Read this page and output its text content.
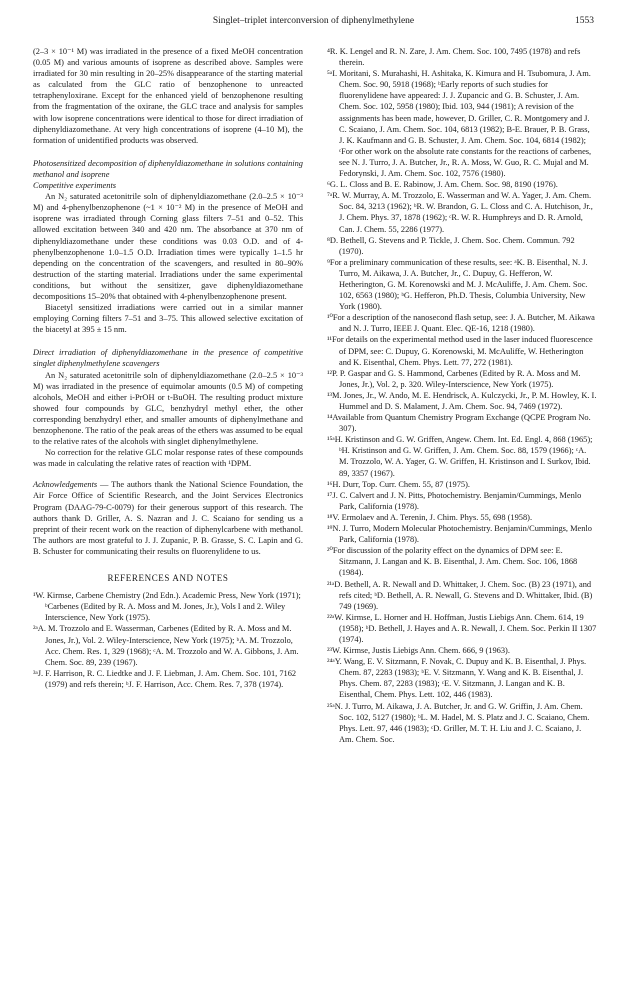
Singlet–triplet interconversion of diphenylmethylene	1553

(2–3 × 10⁻¹ M) was irradiated in the presence of a fixed MeOH concentration (0.05 M) and various amounts of isoprene as described above. Samples were irradiated for 30 min resulting in 20–25% disappearance of the starting material as calculated from the GLC ratio of benzophenone to unreacted tetraphenyloxirane. Except for the enhanced yield of benzophenone resulting from the fragmentation of the oxirane, the GLC trace and analysis for samples with low isoprene concentrations were identical to those for direct irradiation of diphenyldiazomethane. At very high concentrations of isoprene (4–10 M), the formation of unidentified products was observed.

Photosensitized decomposition of diphenyldiazomethane in solutions containing methanol and isoprene

Competitive experiments

An N₂ saturated acetonitrile soln of diphenyldiazomethane (2.0–2.5 × 10⁻³ M) and 4-phenylbenzophenone (~1 × 10⁻² M) in the presence of MeOH and isoprene was irradiated through Corning glass filters 7–51 and 0–52. This allowed excitation between 340 and 420 nm. The absorbance at 370 nm of diphenyldiazomethane under these conditions was 0.03 O.D. and of 4-phenylbenzophenone 1.0–1.5 O.D. Irradiation times were typically 1–1.5 hr depending on the concentration of the scavengers, and resulted in 80–90% destruction of the starting material. Irradiations under the same experimental conditions, but without the sensitizer, gave diphenyldiazomethane decompositions 15–20% that obtained with 4-phenylbenzophenone present.

Biacetyl sensitized irradiations were carried out in a similar manner employing Corning filters 7–51 and 3–75. This allowed selective excitation of the biacetyl at 395 ± 15 nm.

Direct irradiation of diphenyldiazomethane in the presence of competitive singlet diphenylmethylene scavengers

An N₂ saturated acetonitrile soln of diphenyldiazomethane (2.0–2.5 × 10⁻³ M) was irradiated in the presence of equimolar amounts (0.5 M) of competing alcohols, MeOH and either i-PrOH or t-BuOH. The resulting product mixture showed four compounds by GLC, benzhydryl methyl ether, the other corresponding benzhydryl ether, and smaller amounts of diphenylmethane and benzophenone. The ratio of the peak areas of the ethers was assumed to be equal to the relative rates of the alcohols with singlet diphenylmethylene.

No correction for the relative GLC molar response rates of these compounds was made in calculating the relative rates of reaction with ¹DPM.

Acknowledgements — The authors thank the National Science Foundation, the Air Force Office of Scientific Research, and the Joint Services Electronics Program (DAAG-79-C-0079) for their generous support of this research. The authors thank D. Griller, A. S. Nazran and J. C. Scaiano for sending us a preprint of their recent work on the reaction of diphenylcarbene with methanol. The authors are most grateful to J. J. Zupanic, P. B. Grasse, S. C. Lapin and G. B. Schuster for communicating their results on fluorenylidene to us.

REFERENCES AND NOTES

¹W. Kirmse, Carbene Chemistry (2nd Edn.). Academic Press, New York (1971); ᵇCarbenes (Edited by R. A. Moss and M. Jones, Jr.), Vols I and 2. Wiley Interscience, New York (1975).

²ᵃA. M. Trozzolo and E. Wasserman, Carbenes (Edited by R. A. Moss and M. Jones, Jr.), Vol. 2. Wiley-Interscience, New York (1975); ᵇA. M. Trozzolo, Acc. Chem. Res. 1, 329 (1968); ᶜA. M. Trozzolo and W. A. Gibbons, J. Am. Chem. Soc. 89, 239 (1967).

³ᵃJ. F. Harrison, R. C. Liedtke and J. F. Liebman, J. Am. Chem. Soc. 101, 7162 (1979) and refs therein; ᵇJ. F. Harrison, Acc. Chem. Res. 7, 378 (1974).

⁴R. K. Lengel and R. N. Zare, J. Am. Chem. Soc. 100, 7495 (1978) and refs therein.

⁵ᵃI. Moritani, S. Murahashi, H. Ashitaka, K. Kimura and H. Tsubomura, J. Am. Chem. Soc. 90, 5918 (1968); ᵇEarly reports of such studies for fluorenylidene have appeared: J. J. Zupancic and G. B. Schuster, J. Am. Chem. Soc. 102, 5958 (1980); Ibid. 103, 944 (1981); A revision of the assignments has been made, however, D. Griller, C. R. Montgomery and J. C. Scaiano, J. Am. Chem. Soc. 104, 6813 (1982); B-E. Brauer, P. B. Grass, J. K. Kaufmann and G. B. Schuster, J. Am. Chem. Soc. 104, 6814 (1982); ᶜFor other work on the absolute rate constants for the reactions of carbenes, see N. J. Turro, J. A. Butcher, Jr., R. A. Moss, W. Guo, R. C. Mujal and M. Fedorynski, J. Am. Chem. Soc. 102, 7576 (1980).

⁶G. L. Closs and B. E. Rabinow, J. Am. Chem. Soc. 98, 8190 (1976).

⁷ᵃR. W. Murray, A. M. Trozzolo, E. Wasserman and W. A. Yager, J. Am. Chem. Soc. 84, 3213 (1962); ᵇR. W. Brandon, G. L. Closs and C. A. Hutchison, Jr., J. Chem. Phys. 37, 1878 (1962); ᶜR. W. R. Humphreys and D. R. Arnold, Can. J. Chem. 55, 2286 (1977).

⁸D. Bethell, G. Stevens and P. Tickle, J. Chem. Soc. Chem. Commun. 792 (1970).

⁹For a preliminary communication of these results, see: ᵃK. B. Eisenthal, N. J. Turro, M. Aikawa, J. A. Butcher, Jr., C. Dupuy, G. Hefferon, W. Hetherington, G. M. Korenowski and M. J. McAuliffe, J. Am. Chem. Soc. 102, 6563 (1980); ᵇG. Hefferon, Ph.D. Thesis, Columbia University, New York (1980).

¹⁰For a description of the nanosecond flash setup, see: J. A. Butcher, M. Aikawa and N. J. Turro, IEEE J. Quant. Elec. QE-16, 1218 (1980).

¹¹For details on the experimental method used in the laser induced fluorescence of DPM, see: C. Dupuy, G. Korenowski, M. McAuliffe, W. Hetherington and K. Eisenthal, Chem. Phys. Lett. 77, 272 (1981).

¹²P. P. Gaspar and G. S. Hammond, Carbenes (Edited by R. A. Moss and M. Jones, Jr.), Vol. 2, p. 320. Wiley-Interscience, New York (1975).

¹³M. Jones, Jr., W. Ando, M. E. Hendrisck, A. Kulczycki, Jr., P. M. Howley, K. I. Hummel and D. S. Malament, J. Am. Chem. Soc. 94, 7469 (1972).

¹⁴Available from Quantum Chemistry Program Exchange (QCPE Program No. 307).

¹⁵ᵃH. Kristinson and G. W. Griffen, Angew. Chem. Int. Ed. Engl. 4, 868 (1965); ᵇH. Kristinson and G. W. Griffen, J. Am. Chem. Soc. 88, 1579 (1966); ᶜA. M. Trozzolo, W. A. Yager, G. W. Griffen, H. Kristinson and I. Surkov, Ibid. 89, 3357 (1967).

¹⁶H. Durr, Top. Curr. Chem. 55, 87 (1975).

¹⁷J. C. Calvert and J. N. Pitts, Photochemistry. Benjamin/Cummings, Menlo Park, California (1978).

¹⁸V. Ermolaev and A. Terenin, J. Chim. Phys. 55, 698 (1958).

¹⁹N. J. Turro, Modern Molecular Photochemistry. Benjamin/Cummings, Menlo Park, California (1978).

²⁰For discussion of the polarity effect on the dynamics of DPM see: E. Sitzmann, J. Langan and K. B. Eisenthal, J. Am. Chem. Soc. 106, 1868 (1984).

²¹ᵃD. Bethell, A. R. Newall and D. Whittaker, J. Chem. Soc. (B) 23 (1971), and refs cited; ᵇD. Bethell, A. R. Newall, G. Stevens and D. Whittaker, Ibid. (B) 749 (1969).

²²ᵃW. Kirmse, L. Horner and H. Hoffman, Justis Liebigs Ann. Chem. 614, 19 (1958); ᵇD. Bethell, J. Hayes and A. R. Newall, J. Chem. Soc. Perkin II 1307 (1974).

²³W. Kirmse, Justis Liebigs Ann. Chem. 666, 9 (1963).

²⁴ᵃY. Wang, E. V. Sitzmann, F. Novak, C. Dupuy and K. B. Eisenthal, J. Phys. Chem. 87, 2283 (1983); ᵇE. V. Sitzmann, Y. Wang and K. B. Eisenthal, J. Phys. Chem. 87, 2283 (1983); ᶜE. V. Sitzmann, J. Langan and K. B. Eisenthal, Chem. Phys. Lett. 102, 446 (1983).

²⁵ᵃN. J. Turro, M. Aikawa, J. A. Butcher, Jr. and G. W. Griffin, J. Am. Chem. Soc. 102, 5127 (1980); ᵇL. M. Hadel, M. S. Platz and J. C. Scaiano, Chem. Phys. Lett. 97, 446 (1983); ᶜD. Griller, M. T. H. Liu and J. C. Scaiano, J. Am. Chem. Soc.
